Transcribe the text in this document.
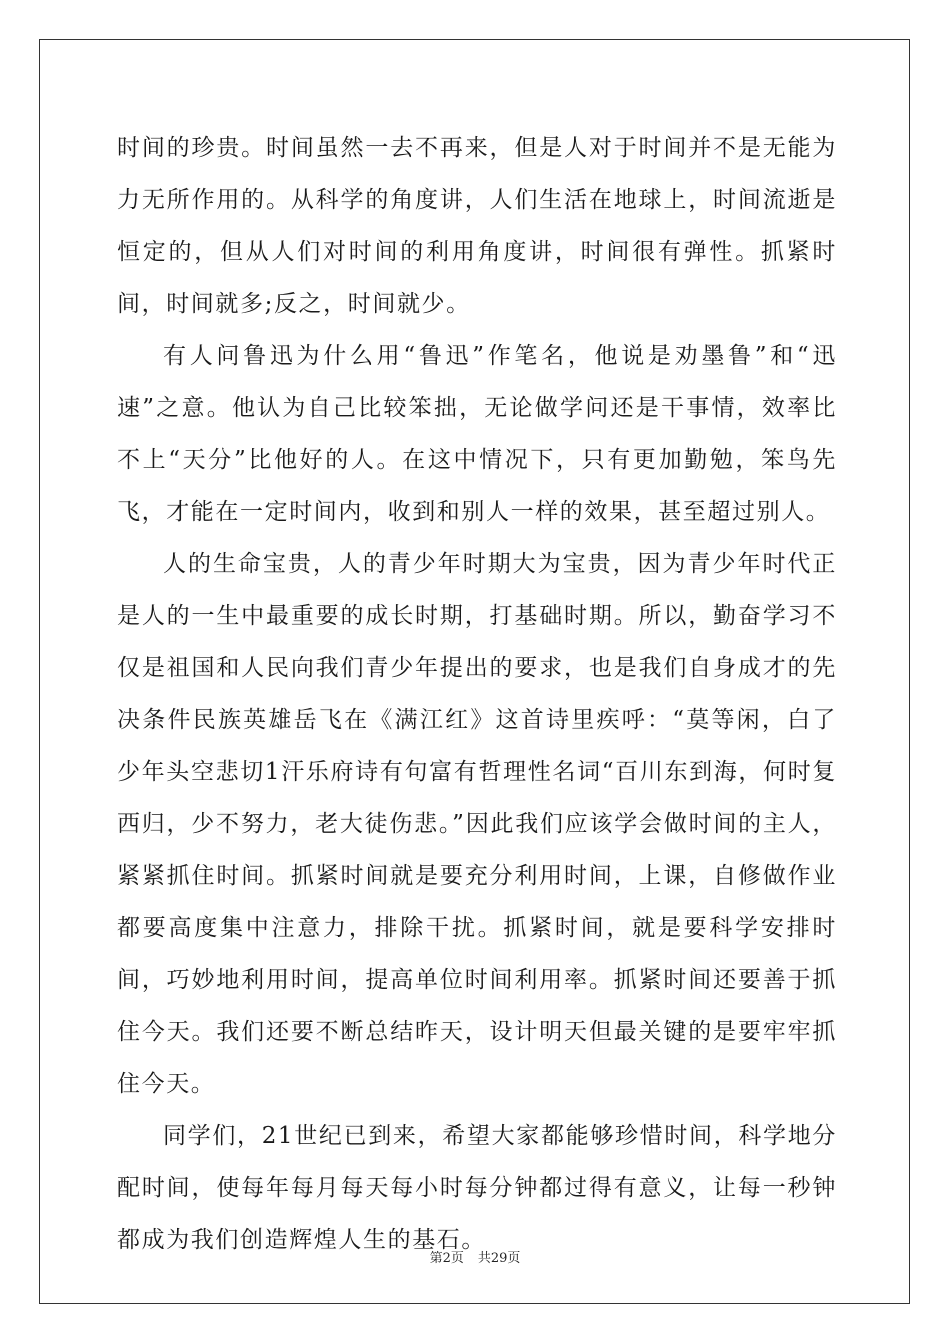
时间的珍贵。时间虽然一去不再来，但是人对于时间并不是无能为力无所作用的。从科学的角度讲，人们生活在地球上，时间流逝是恒定的，但从人们对时间的利用角度讲，时间很有弹性。抓紧时间，时间就多;反之，时间就少。

有人问鲁迅为什么用“鲁迅”作笔名，他说是劝墨鲁”和“迅速”之意。他认为自己比较笨拙，无论做学问还是干事情，效率比不上“天分”比他好的人。在这中情况下，只有更加勤勉，笨鸟先飞，才能在一定时间内，收到和别人一样的效果，甚至超过别人。

人的生命宝贵，人的青少年时期大为宝贵，因为青少年时代正是人的一生中最重要的成长时期，打基础时期。所以，勤奋学习不仅是祖国和人民向我们青少年提出的要求，也是我们自身成才的先决条件民族英雄岳飞在《满江红》这首诗里疾呼：“莫等闲，白了少年头空悲切1汗乐府诗有句富有哲理性名词“百川东到海，何时复西归，少不努力，老大徒伤悲。”因此我们应该学会做时间的主人，紧紧抓住时间。抓紧时间就是要充分利用时间，上课，自修做作业都要高度集中注意力，排除干扰。抓紧时间，就是要科学安排时间，巧妙地利用时间，提高单位时间利用率。抓紧时间还要善于抓住今天。我们还要不断总结昨天，设计明天但最关键的是要牢牢抓住今天。

同学们，21世纪已到来，希望大家都能够珍惜时间，科学地分配时间，使每年每月每天每小时每分钟都过得有意义，让每一秒钟都成为我们创造辉煌人生的基石。

第2页 共29页
